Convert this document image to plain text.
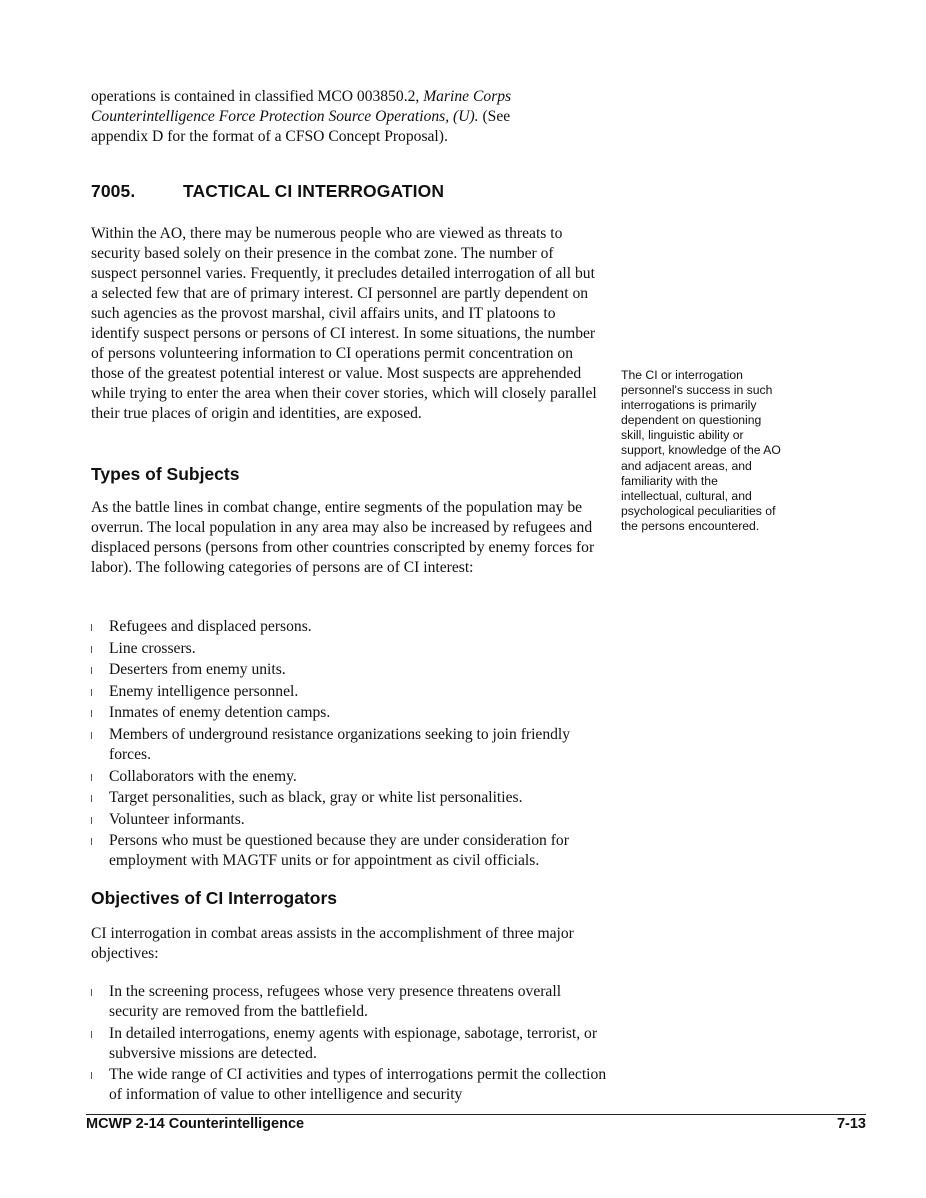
operations is contained in classified MCO 003850.2, Marine Corps Counterintelligence Force Protection Source Operations, (U). (See appendix D for the format of a CFSO Concept Proposal).

7005.	TACTICAL CI INTERROGATION

Within the AO, there may be numerous people who are viewed as threats to security based solely on their presence in the combat zone. The number of suspect personnel varies. Frequently, it precludes detailed interrogation of all but a selected few that are of primary interest. CI personnel are partly dependent on such agencies as the provost marshal, civil affairs units, and IT platoons to identify suspect persons or persons of CI interest. In some situations, the number of persons volunteering information to CI operations permit concentration on those of the greatest potential interest or value. Most suspects are apprehended while trying to enter the area when their cover stories, which will closely parallel their true places of origin and identities, are exposed.

The CI or interrogation personnel's success in such interrogations is primarily dependent on questioning skill, linguistic ability or support, knowledge of the AO and adjacent areas, and familiarity with the intellectual, cultural, and psychological peculiarities of the persons encountered.
Types of Subjects

As the battle lines in combat change, entire segments of the population may be overrun. The local population in any area may also be increased by refugees and displaced persons (persons from other countries conscripted by enemy forces for labor). The following categories of persons are of CI interest:

Refugees and displaced persons.
Line crossers.
Deserters from enemy units.
Enemy intelligence personnel.
Inmates of enemy detention camps.
Members of underground resistance organizations seeking to join friendly forces.
Collaborators with the enemy.
Target personalities, such as black, gray or white list personalities.
Volunteer informants.
Persons who must be questioned because they are under consideration for employment with MAGTF units or for appointment as civil officials.
Objectives of CI Interrogators

CI interrogation in combat areas assists in the accomplishment of three major objectives:

In the screening process, refugees whose very presence threatens overall security are removed from the battlefield.
In detailed interrogations, enemy agents with espionage, sabotage, terrorist, or subversive missions are detected.
The wide range of CI activities and types of interrogations permit the collection of information of value to other intelligence and security
MCWP 2-14 Counterintelligence	7-13
